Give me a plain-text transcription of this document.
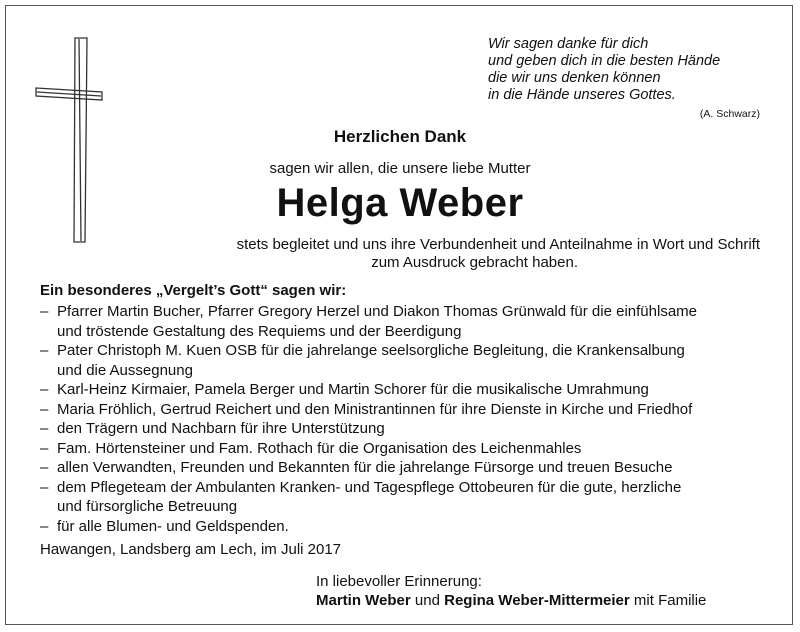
Wir sagen danke für dich
und geben dich in die besten Hände
die wir uns denken können
in die Hände unseres Gottes.
(A. Schwarz)
Herzlichen Dank
sagen wir allen, die unsere liebe Mutter
Helga Weber
stets begleitet und uns ihre Verbundenheit und Anteilnahme in Wort und Schrift
zum Ausdruck gebracht haben.
Ein besonderes „Vergelt’s Gott“ sagen wir:
– Pfarrer Martin Bucher, Pfarrer Gregory Herzel und Diakon Thomas Grünwald für die einfühlsame
und tröstende Gestaltung des Requiems und der Beerdigung
– Pater Christoph M. Kuen OSB für die jahrelange seelsorgliche Begleitung, die Krankensalbung
und die Aussegnung
– Karl-Heinz Kirmaier, Pamela Berger und Martin Schorer für die musikalische Umrahmung
– Maria Fröhlich, Gertrud Reichert und den Ministrantinnen für ihre Dienste in Kirche und Friedhof
– den Trägern und Nachbarn für ihre Unterstützung
– Fam. Hörtensteiner und Fam. Rothach für die Organisation des Leichenmahles
– allen Verwandten, Freunden und Bekannten für die jahrelange Fürsorge und treuen Besuche
– dem Pflegeteam der Ambulanten Kranken- und Tagespflege Ottobeuren für die gute, herzliche
und fürsorgliche Betreuung
– für alle Blumen- und Geldspenden.
Hawangen, Landsberg am Lech, im Juli 2017
In liebevoller Erinnerung:
Martin Weber und Regina Weber-Mittermeier mit Familie
